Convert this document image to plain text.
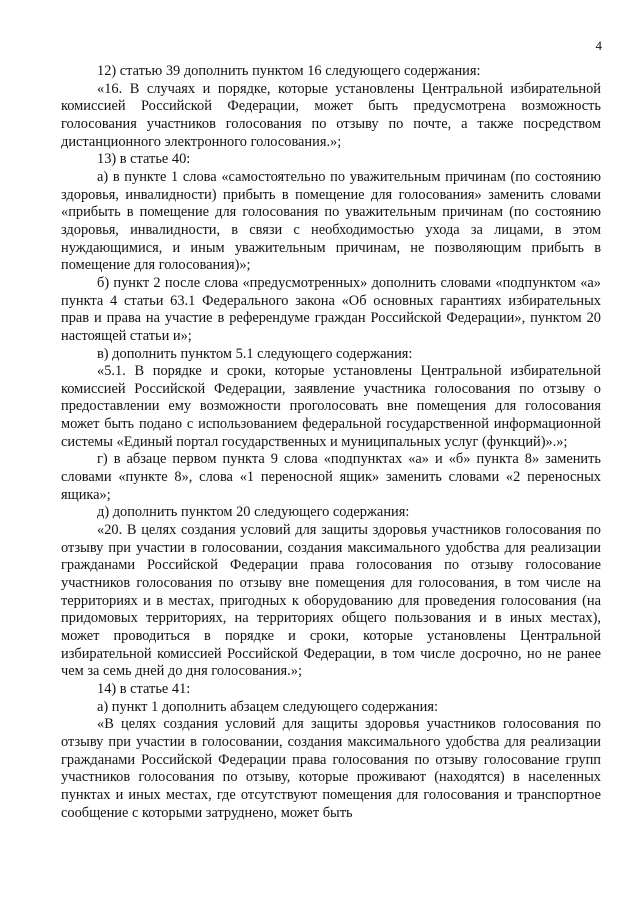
4

12) статью 39 дополнить пунктом 16 следующего содержания:

«16. В случаях и порядке, которые установлены Центральной избирательной комиссией Российской Федерации, может быть предусмотрена возможность голосования участников голосования по отзыву по почте, а также посредством дистанционного электронного голосования.»;

13) в статье 40:

а) в пункте 1 слова «самостоятельно по уважительным причинам (по состоянию здоровья, инвалидности) прибыть в помещение для голосования» заменить словами «прибыть в помещение для голосования по уважительным причинам (по состоянию здоровья, инвалидности, в связи с необходимостью ухода за лицами, в этом нуждающимися, и иным уважительным причинам, не позволяющим прибыть в помещение для голосования)»;

б) пункт 2 после слова «предусмотренных» дополнить словами «подпунктом «а» пункта 4 статьи 63.1 Федерального закона «Об основных гарантиях избирательных прав и права на участие в референдуме граждан Российской Федерации», пунктом 20 настоящей статьи и»;

в) дополнить пунктом 5.1 следующего содержания:

«5.1. В порядке и сроки, которые установлены Центральной избирательной комиссией Российской Федерации, заявление участника голосования по отзыву о предоставлении ему возможности проголосовать вне помещения для голосования может быть подано с использованием федеральной государственной информационной системы «Единый портал государственных и муниципальных услуг (функций)».»;

г) в абзаце первом пункта 9 слова «подпунктах «а» и «б» пункта 8» заменить словами «пункте 8», слова «1 переносной ящик» заменить словами «2 переносных ящика»;

д) дополнить пунктом 20 следующего содержания:

«20. В целях создания условий для защиты здоровья участников голосования по отзыву при участии в голосовании, создания максимального удобства для реализации гражданами Российской Федерации права голосования по отзыву голосование участников голосования по отзыву вне помещения для голосования, в том числе на территориях и в местах, пригодных к оборудованию для проведения голосования (на придомовых территориях, на территориях общего пользования и в иных местах), может проводиться в порядке и сроки, которые установлены Центральной избирательной комиссией Российской Федерации, в том числе досрочно, но не ранее чем за семь дней до дня голосования.»;

14) в статье 41:

а) пункт 1 дополнить абзацем следующего содержания:

«В целях создания условий для защиты здоровья участников голосования по отзыву при участии в голосовании, создания максимального удобства для реализации гражданами Российской Федерации права голосования по отзыву голосование групп участников голосования по отзыву, которые проживают (находятся) в населенных пунктах и иных местах, где отсутствуют помещения для голосования и транспортное сообщение с которыми затруднено, может быть
